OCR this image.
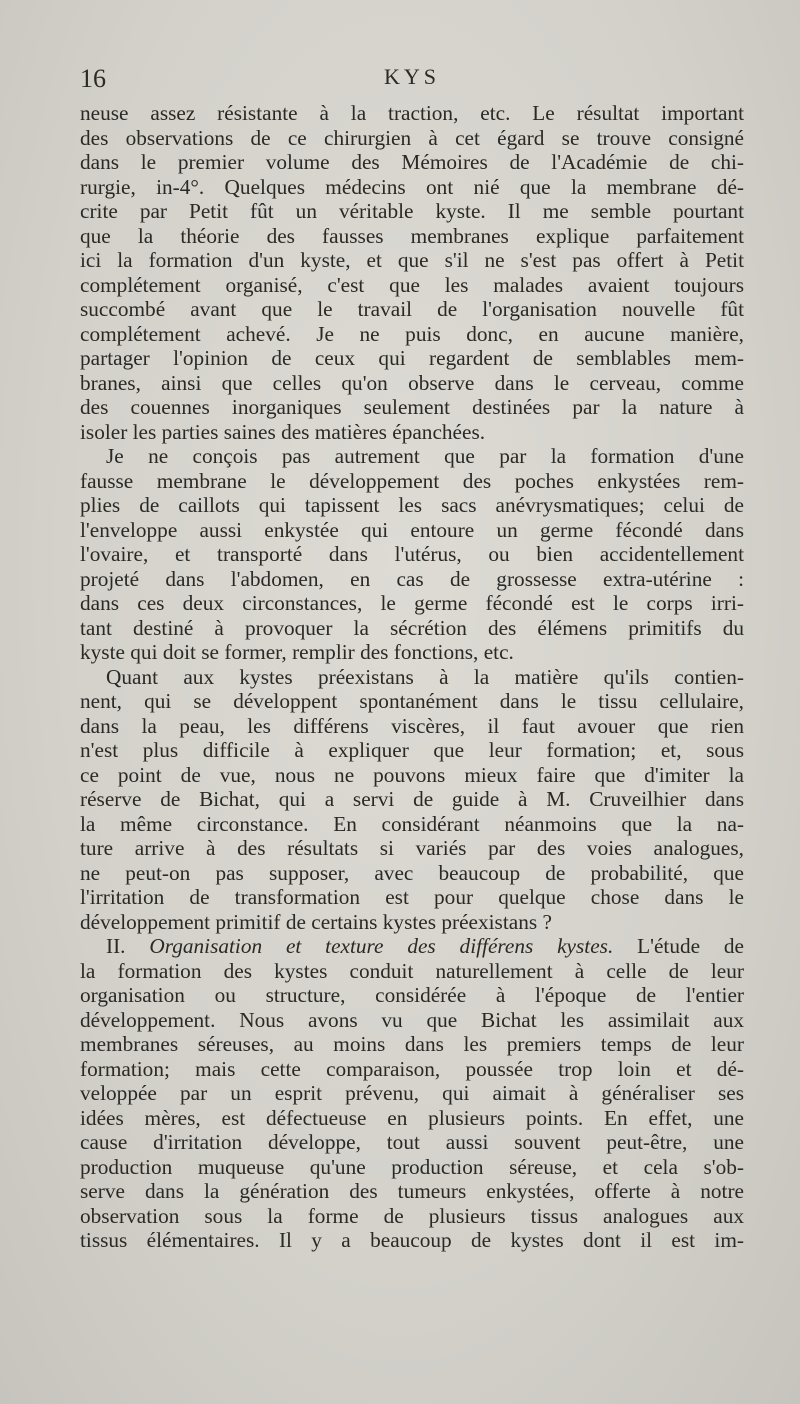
16	KYS
neuse assez résistante à la traction, etc. Le résultat important
des observations de ce chirurgien à cet égard se trouve consigné
dans le premier volume des Mémoires de l'Académie de chi-
rurgie, in-4°. Quelques médecins ont nié que la membrane dé-
crite par Petit fût un véritable kyste. Il me semble pourtant
que la théorie des fausses membranes explique parfaitement
ici la formation d'un kyste, et que s'il ne s'est pas offert à Petit
complétement organisé, c'est que les malades avaient toujours
succombé avant que le travail de l'organisation nouvelle fût
complétement achevé. Je ne puis donc, en aucune manière,
partager l'opinion de ceux qui regardent de semblables mem-
branes, ainsi que celles qu'on observe dans le cerveau, comme
des couennes inorganiques seulement destinées par la nature à
isoler les parties saines des matières épanchées.
Je ne conçois pas autrement que par la formation d'une
fausse membrane le développement des poches enkystées rem-
plies de caillots qui tapissent les sacs anévrysmatiques; celui de
l'enveloppe aussi enkystée qui entoure un germe fécondé dans
l'ovaire, et transporté dans l'utérus, ou bien accidentellement
projeté dans l'abdomen, en cas de grossesse extra-utérine :
dans ces deux circonstances, le germe fécondé est le corps irri-
tant destiné à provoquer la sécrétion des élémens primitifs du
kyste qui doit se former, remplir des fonctions, etc.
Quant aux kystes préexistans à la matière qu'ils contien-
nent, qui se développent spontanément dans le tissu cellulaire,
dans la peau, les différens viscères, il faut avouer que rien
n'est plus difficile à expliquer que leur formation; et, sous
ce point de vue, nous ne pouvons mieux faire que d'imiter la
réserve de Bichat, qui a servi de guide à M. Cruveilhier dans
la même circonstance. En considérant néanmoins que la na-
ture arrive à des résultats si variés par des voies analogues,
ne peut-on pas supposer, avec beaucoup de probabilité, que
l'irritation de transformation est pour quelque chose dans le
développement primitif de certains kystes préexistans ?
II. Organisation et texture des différens kystes. L'étude de
la formation des kystes conduit naturellement à celle de leur
organisation ou structure, considérée à l'époque de l'entier
développement. Nous avons vu que Bichat les assimilait aux
membranes séreuses, au moins dans les premiers temps de leur
formation; mais cette comparaison, poussée trop loin et dé-
veloppée par un esprit prévenu, qui aimait à généraliser ses
idées mères, est défectueuse en plusieurs points. En effet, une
cause d'irritation développe, tout aussi souvent peut-être, une
production muqueuse qu'une production séreuse, et cela s'ob-
serve dans la génération des tumeurs enkystées, offerte à notre
observation sous la forme de plusieurs tissus analogues aux
tissus élémentaires. Il y a beaucoup de kystes dont il est im-
